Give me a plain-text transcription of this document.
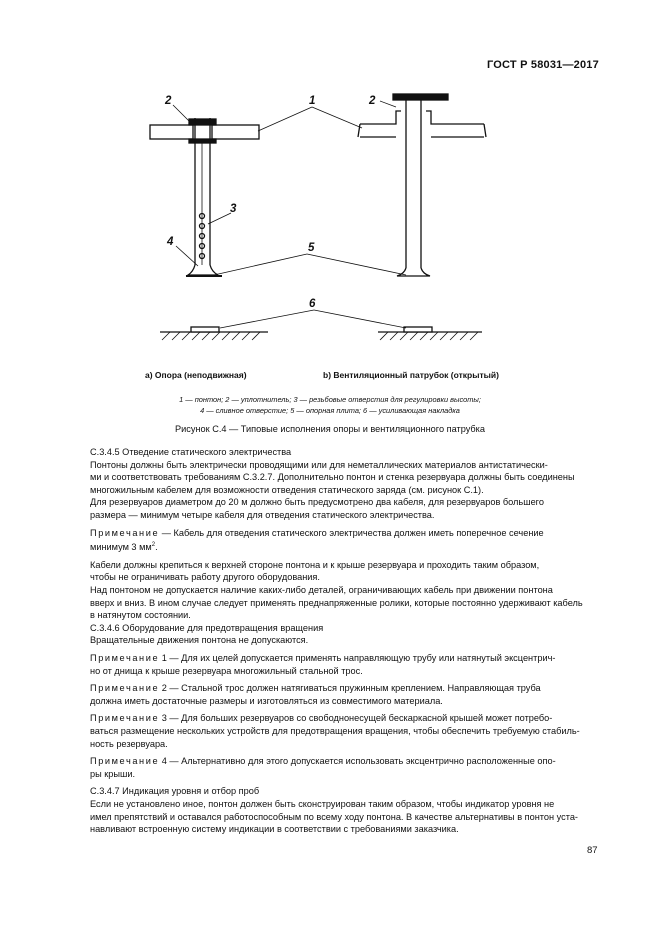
ГОСТ Р 58031—2017
2	1	2
3
4	5
6
а) Опора (неподвижная)	b) Вентиляционный патрубок (открытый)
1 — понтон; 2 — уплотнитель; 3 — резьбовые отверстия для регулировки высоты;
4 — сливное отверстие; 5 — опорная плита; 6 — усиливающая накладка
Рисунок С.4 — Типовые исполнения опоры и вентиляционного патрубка
С.3.4.5 Отведение статического электричества
Понтоны должны быть электрически проводящими или для неметаллических материалов антистатически-
ми и соответствовать требованиям С.3.2.7. Дополнительно понтон и стенка резервуара должны быть соединены
многожильным кабелем для возможности отведения статического заряда (см. рисунок С.1).
Для резервуаров диаметром до 20 м должно быть предусмотрено два кабеля, для резервуаров большего
размера — минимум четыре кабеля для отведения статического электричества.
Примечание — Кабель для отведения статического электричества должен иметь поперечное сечение
минимум 3 $мм^2$.
Кабели должны крепиться к верхней стороне понтона и к крыше резервуара и проходить таким образом,
чтобы не ограничивать работу другого оборудования.
Над понтоном не допускается наличие каких-либо деталей, ограничивающих кабель при движении понтона
вверх и вниз. В ином случае следует применять преднапряженные ролики, которые постоянно удерживают кабель
в натянутом состоянии.
С.3.4.6 Оборудование для предотвращения вращения
Вращательные движения понтона не допускаются.
Примечание 1 — Для их целей допускается применять направляющую трубу или натянутый эксцентрич-
но от днища к крыше резервуара многожильный стальной трос.
Примечание 2 — Стальной трос должен натягиваться пружинным креплением. Направляющая труба
должна иметь достаточные размеры и изготовляться из совместимого материала.
Примечание 3 — Для больших резервуаров со свободнонесущей бескаркасной крышей может потребо-
ваться размещение нескольких устройств для предотвращения вращения, чтобы обеспечить требуемую стабиль-
ность резервуара.
Примечание 4 — Альтернативно для этого допускается использовать эксцентрично расположенные опо-
ры крыши.
С.3.4.7 Индикация уровня и отбор проб
Если не установлено иное, понтон должен быть сконструирован таким образом, чтобы индикатор уровня не
имел препятствий и оставался работоспособным по всему ходу понтона. В качестве альтернативы в понтон уста-
навливают встроенную систему индикации в соответствии с требованиями заказчика.
87
